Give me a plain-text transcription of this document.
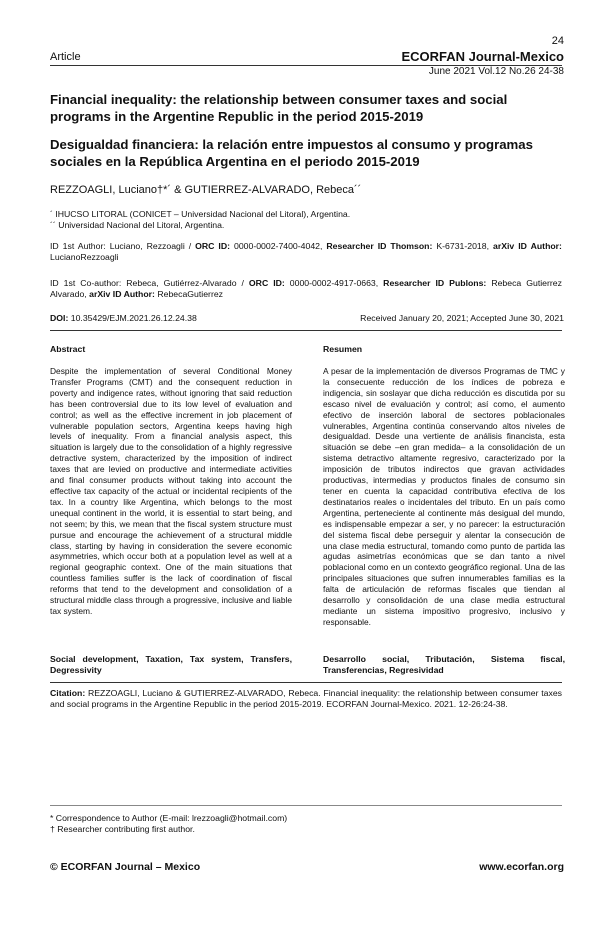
24
Article	ECORFAN Journal-Mexico
June 2021 Vol.12 No.26 24-38
Financial inequality: the relationship between consumer taxes and social programs in the Argentine Republic in the period 2015-2019
Desigualdad financiera: la relación entre impuestos al consumo y programas sociales en la República Argentina en el periodo 2015-2019
REZZOAGLI, Luciano†*´ & GUTIERREZ-ALVARADO, Rebeca´´
´ IHUCSO LITORAL (CONICET – Universidad Nacional del Litoral), Argentina.
´´ Universidad Nacional del Litoral, Argentina.
ID 1st Author: Luciano, Rezzoagli / ORC ID: 0000-0002-7400-4042, Researcher ID Thomson: K-6731-2018, arXiv ID Author: LucianoRezzoagli
ID 1st Co-author: Rebeca, Gutiérrez-Alvarado / ORC ID: 0000-0002-4917-0663, Researcher ID Publons: Rebeca Gutierrez Alvarado, arXiv ID Author: RebecaGutierrez
DOI: 10.35429/EJM.2021.26.12.24.38	Received January 20, 2021; Accepted June 30, 2021
Abstract
Despite the implementation of several Conditional Money Transfer Programs (CMT) and the consequent reduction in poverty and indigence rates, without ignoring that said reduction has been controversial due to its low level of evaluation and control; as well as the effective increment in job placement of vulnerable population sectors, Argentina keeps having high levels of inequality. From a financial analysis aspect, this situation is largely due to the consolidation of a highly regressive detractive system, characterized by the imposition of indirect taxes that are levied on productive and intermediate activities and final consumer products without taking into account the effective tax capacity of the actual or incidental recipients of the tax. In a country like Argentina, which belongs to the most unequal continent in the world, it is essential to start being, and not seem; by this, we mean that the fiscal system structure must pursue and encourage the achievement of a structural middle class, starting by having in consideration the severe economic asymmetries, which occur both at a population level as well at a regional geographic context. One of the main situations that countless families suffer is the lack of coordination of fiscal reforms that tend to the development and consolidation of a structural middle class through a progressive, inclusive and liable tax system.
Social development, Taxation, Tax system, Transfers, Degressivity
Resumen
A pesar de la implementación de diversos Programas de TMC y la consecuente reducción de los índices de pobreza e indigencia, sin soslayar que dicha reducción es discutida por su escaso nivel de evaluación y control; así como, el aumento efectivo de inserción laboral de sectores poblacionales vulnerables, Argentina continúa conservando altos niveles de desigualdad. Desde una vertiente de análisis financista, esta situación se debe –en gran medida– a la consolidación de un sistema detractivo altamente regresivo, caracterizado por la imposición de tributos indirectos que gravan actividades productivas, intermedias y productos finales de consumo sin tener en cuenta la capacidad contributiva efectiva de los destinatarios reales o incidentales del tributo. En un país como Argentina, perteneciente al continente más desigual del mundo, es indispensable empezar a ser, y no parecer: la estructuración del sistema fiscal debe perseguir y alentar la consecución de una clase media estructural, tomando como punto de partida las agudas asimetrías económicas que se dan tanto a nivel poblacional como en un contexto geográfico regional. Una de las principales situaciones que sufren innumerables familias es la falta de articulación de reformas fiscales que tiendan al desarrollo y consolidación de una clase media estructural mediante un sistema impositivo progresivo, inclusivo y responsable.
Desarrollo social, Tributación, Sistema fiscal, Transferencias, Regresividad
Citation: REZZOAGLI, Luciano & GUTIERREZ-ALVARADO, Rebeca. Financial inequality: the relationship between consumer taxes and social programs in the Argentine Republic in the period 2015-2019. ECORFAN Journal-Mexico. 2021. 12-26:24-38.
* Correspondence to Author (E-mail: lrezzoagli@hotmail.com)
† Researcher contributing first author.
© ECORFAN Journal – Mexico	www.ecorfan.org
